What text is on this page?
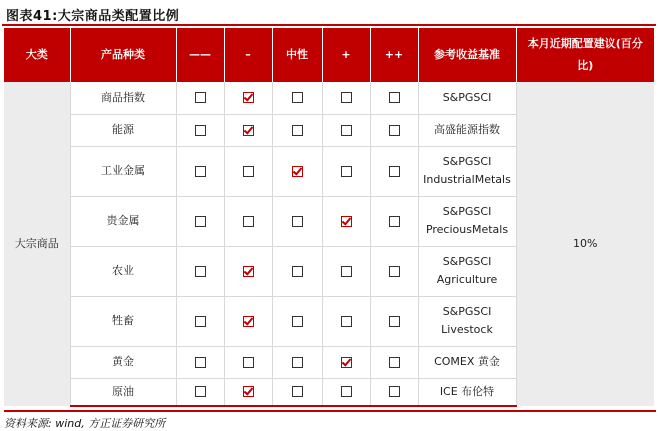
图表41:大宗商品类配置比例
大类	产品种类	——	–	中性	+	++	参考收益基准	本月近期配置建议(百分比)
大宗商品	商品指数						S&PGSCI	10%
	能源						高盛能源指数	

	工业金属						S&PGSCI
IndustrialMetals	

	贵金属						S&PGSCI
PreciousMetals	

	农业						S&PGSCI
Agriculture	

	牲畜						S&PGSCI
Livestock	

	黄金						COMEX 黄金	

	原油						ICE 布伦特	
资料来源: wind, 方正证券研究所
